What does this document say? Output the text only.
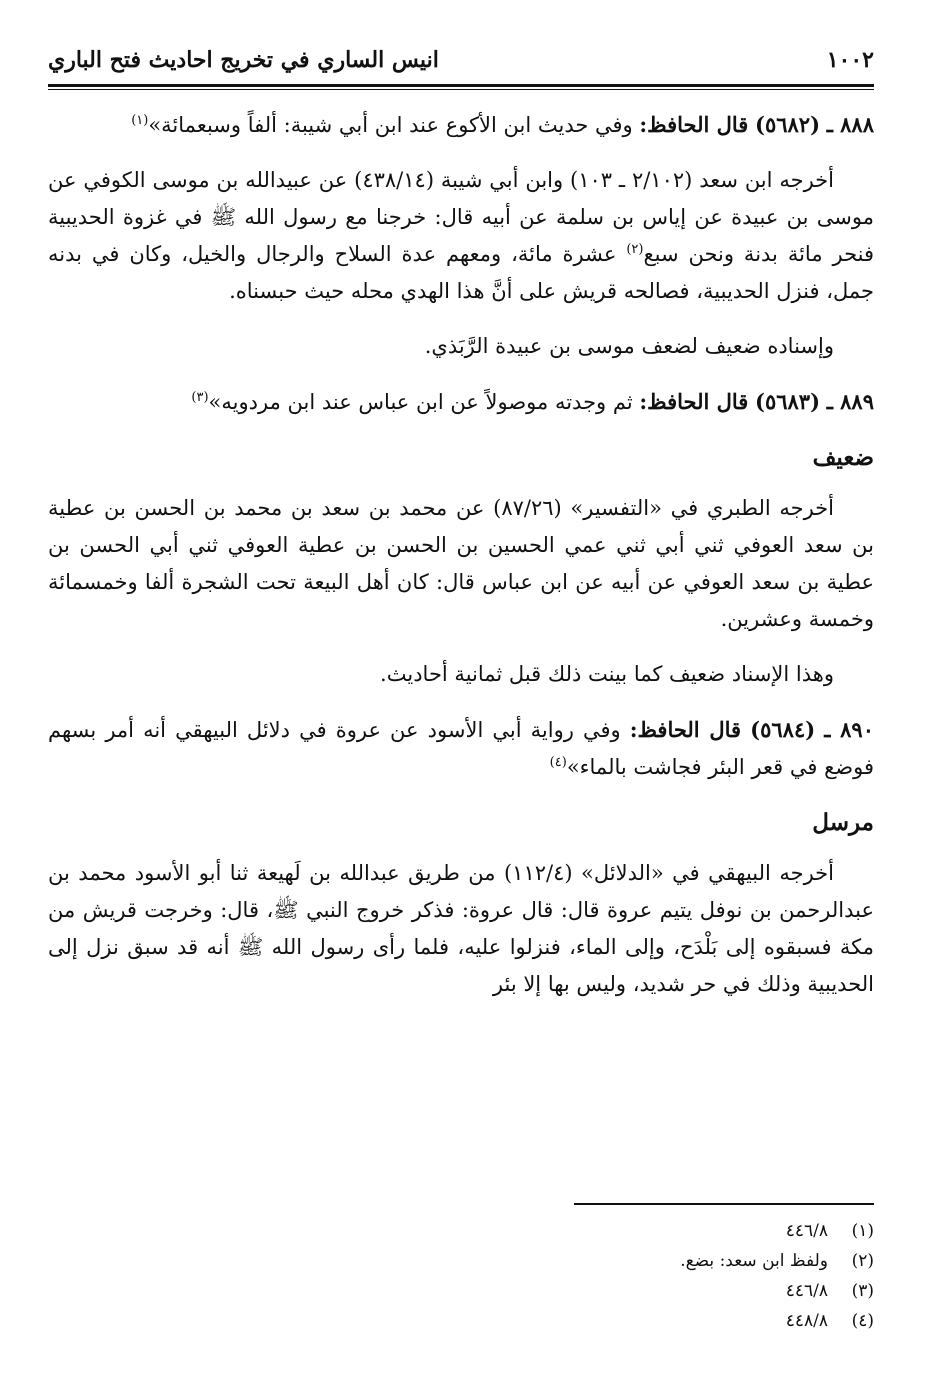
١٠٠٢
انيس الساري في تخريج احاديث فتح الباري

٨٨٨ ـ (٥٦٨٢) قال الحافظ: وفي حديث ابن الأكوع عند ابن أبي شيبة: ألفاً وسبعمائة»$^{(١)}$

أخرجه ابن سعد (٢/١٠٢ ـ ١٠٣) وابن أبي شيبة (٤٣٨/١٤) عن عبيدالله بن موسى الكوفي عن موسى بن عبيدة عن إياس بن سلمة عن أبيه قال: خرجنا مع رسول الله ﷺ في غزوة الحديبية فنحر مائة بدنة ونحن سبع$^{(٢)}$ عشرة مائة، ومعهم عدة السلاح والرجال والخيل، وكان في بدنه جمل، فنزل الحديبية، فصالحه قريش على أنَّ هذا الهدي محله حيث حبسناه.

وإسناده ضعيف لضعف موسى بن عبيدة الرَّبَذي.

٨٨٩ ـ (٥٦٨٣) قال الحافظ: ثم وجدته موصولاً عن ابن عباس عند ابن مردويه»$^{(٣)}$

ضعيف

أخرجه الطبري في «التفسير» (٨٧/٢٦) عن محمد بن سعد بن محمد بن الحسن بن عطية بن سعد العوفي ثني أبي ثني عمي الحسين بن الحسن بن عطية العوفي ثني أبي الحسن بن عطية بن سعد العوفي عن أبيه عن ابن عباس قال: كان أهل البيعة تحت الشجرة ألفا وخمسمائة وخمسة وعشرين.

وهذا الإسناد ضعيف كما بينت ذلك قبل ثمانية أحاديث.

٨٩٠ ـ (٥٦٨٤) قال الحافظ: وفي رواية أبي الأسود عن عروة في دلائل البيهقي أنه أمر بسهم فوضع في قعر البئر فجاشت بالماء»$^{(٤)}$

مرسل

أخرجه البيهقي في «الدلائل» (١١٢/٤) من طريق عبدالله بن لَهيعة ثنا أبو الأسود محمد بن عبدالرحمن بن نوفل يتيم عروة قال: قال عروة: فذكر خروج النبي ﷺ، قال: وخرجت قريش من مكة فسبقوه إلى بَلْدَح، وإلى الماء، فنزلوا عليه، فلما رأى رسول الله ﷺ أنه قد سبق نزل إلى الحديبية وذلك في حر شديد، وليس بها إلا بئر

(١)
٤٤٦/٨
(٢)
ولفظ ابن سعد: بضع.
(٣)
٤٤٦/٨
(٤)
٤٤٨/٨
